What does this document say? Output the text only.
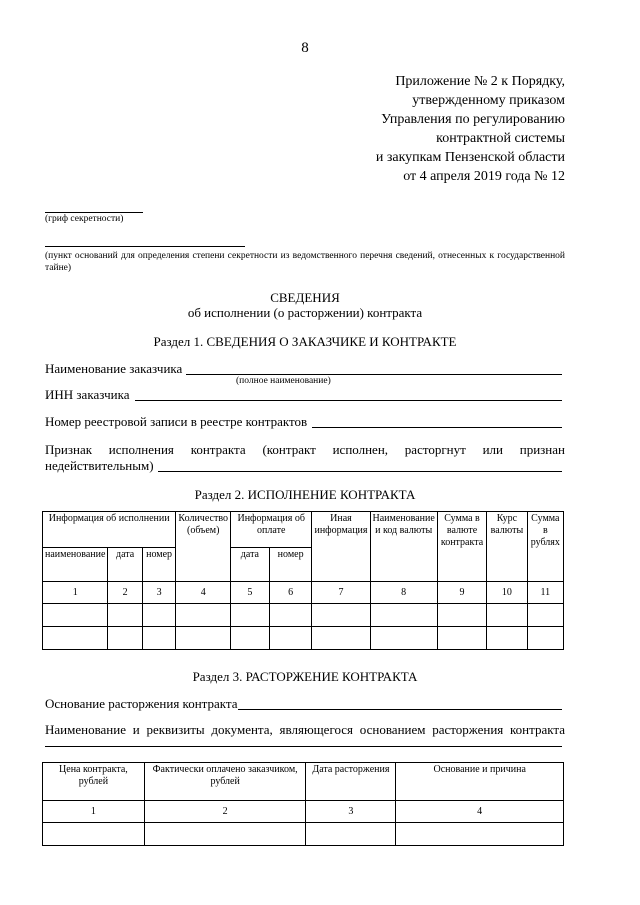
8
Приложение № 2 к Порядку,
утвержденному приказом
Управления по регулированию
контрактной системы
и закупкам Пензенской области
от 4 апреля 2019 года № 12
(гриф секретности)
(пункт оснований для определения степени секретности из ведомственного перечня сведений, отнесенных к государственной тайне)
СВЕДЕНИЯ
об исполнении (о расторжении) контракта
Раздел 1. СВЕДЕНИЯ О ЗАКАЗЧИКЕ И КОНТРАКТЕ
Наименование заказчика
(полное наименование)
ИНН заказчика
Номер реестровой записи в реестре контрактов
Признак исполнения контракта (контракт исполнен, расторгнут или признан
недействительным)
Раздел 2. ИСПОЛНЕНИЕ КОНТРАКТА
Информация об исполнении			Количество (объем)	Информация об оплате		Иная информация	Наименование и код валюты	Сумма в валюте контракта	Курс валюты	Сумма в рублях
наименование	дата	номер		дата	номер					
1	2	3	4	5	6	7	8	9	10	11

Раздел 3. РАСТОРЖЕНИЕ КОНТРАКТА
Основание расторжения контракта
Наименование и реквизиты документа, являющегося основанием расторжения контракта
Цена контракта, рублей	Фактически оплачено заказчиком, рублей	Дата расторжения	Основание и причина
1	2	3	4
